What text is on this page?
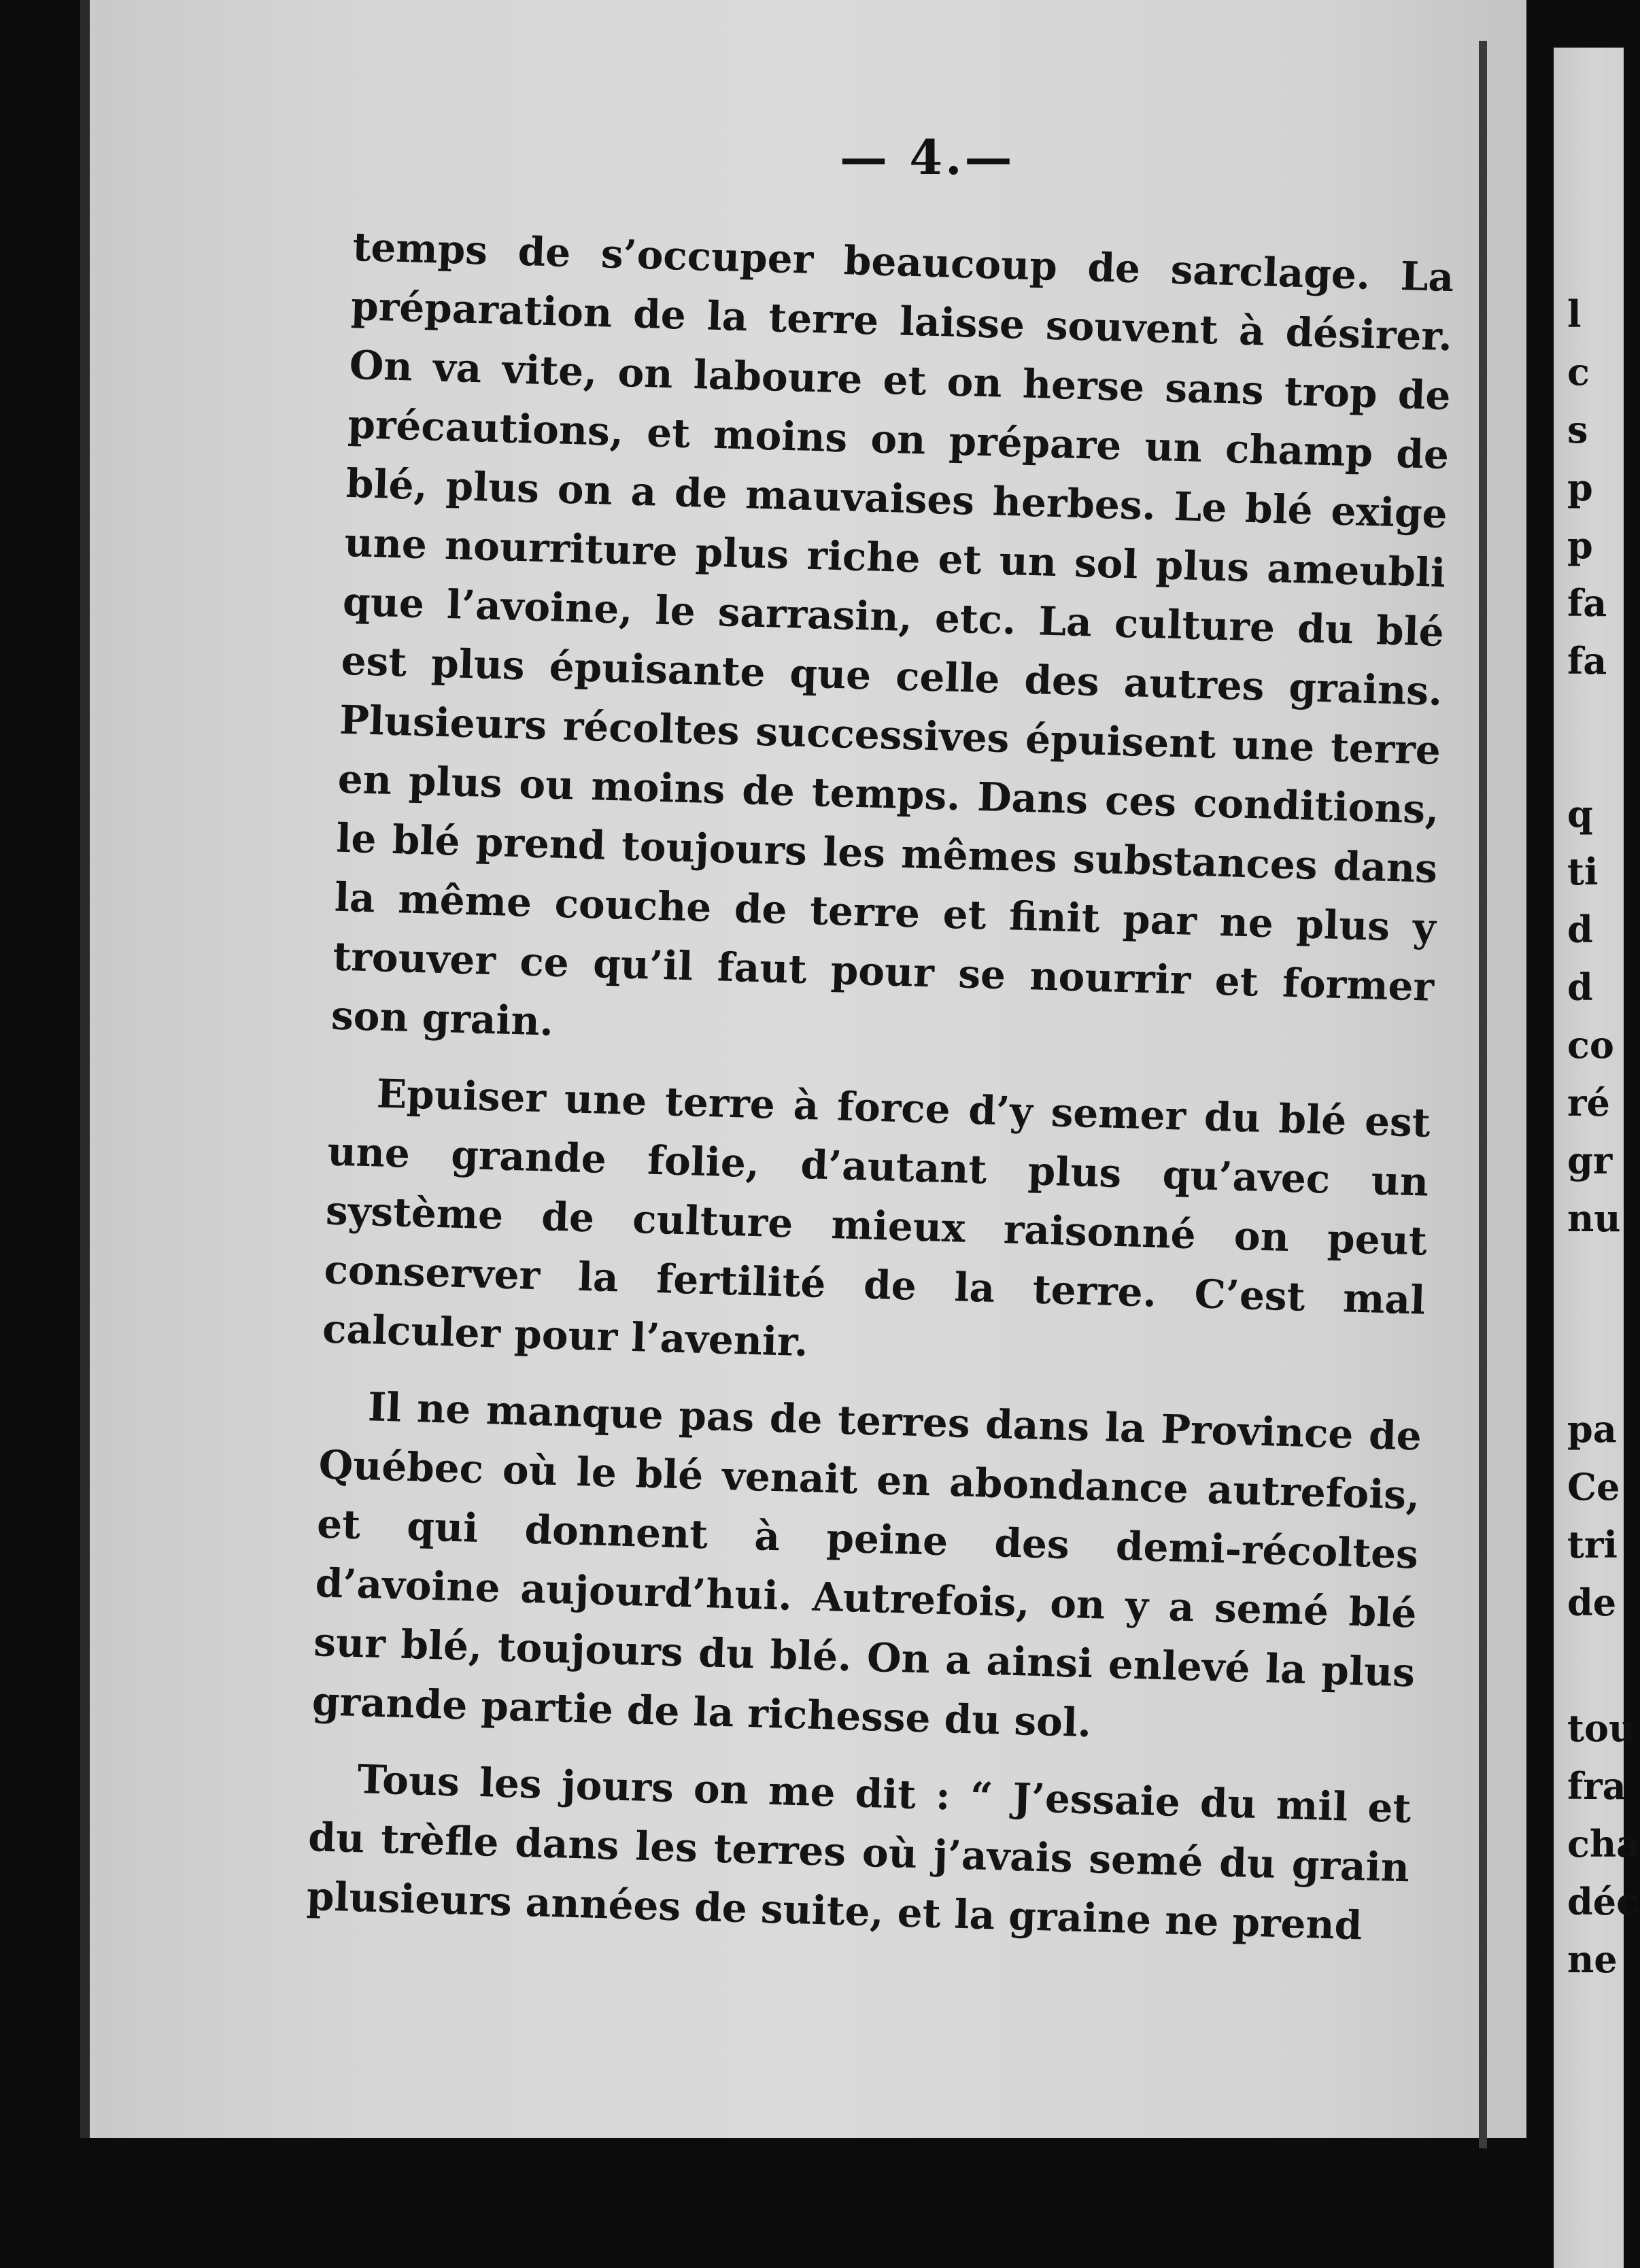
— 4.—

temps de s’occuper beaucoup de sarclage. La préparation de la terre laisse souvent à désirer. On va vite, on laboure et on herse sans trop de précautions, et moins on prépare un champ de blé, plus on a de mauvaises herbes. Le blé exige une nourriture plus riche et un sol plus ameubli que l’avoine, le sarrasin, etc. La culture du blé est plus épuisante que celle des autres grains. Plusieurs récoltes successives épuisent une terre en plus ou moins de temps. Dans ces conditions, le blé prend toujours les mêmes substances dans la même couche de terre et finit par ne plus y trouver ce qu’il faut pour se nourrir et former son grain.

Epuiser une terre à force d’y semer du blé est une grande folie, d’autant plus qu’avec un système de culture mieux raisonné on peut conserver la fertilité de la terre. C’est mal calculer pour l’avenir.

Il ne manque pas de terres dans la Province de Québec où le blé venait en abondance autrefois, et qui donnent à peine des demi-récoltes d’avoine aujourd’hui. Autrefois, on y a semé blé sur blé, toujours du blé. On a ainsi enlevé la plus grande partie de la richesse du sol.

Tous les jours on me dit : “ J’essaie du mil et du trèfle dans les terres où j’avais semé du grain plusieurs années de suite, et la graine ne prend

l
c
s
p
p
fa
fa
q
ti
d
d
co
ré
gr
nu
pa
Ce
tri
de
tou
fra
cha
déc
ne
